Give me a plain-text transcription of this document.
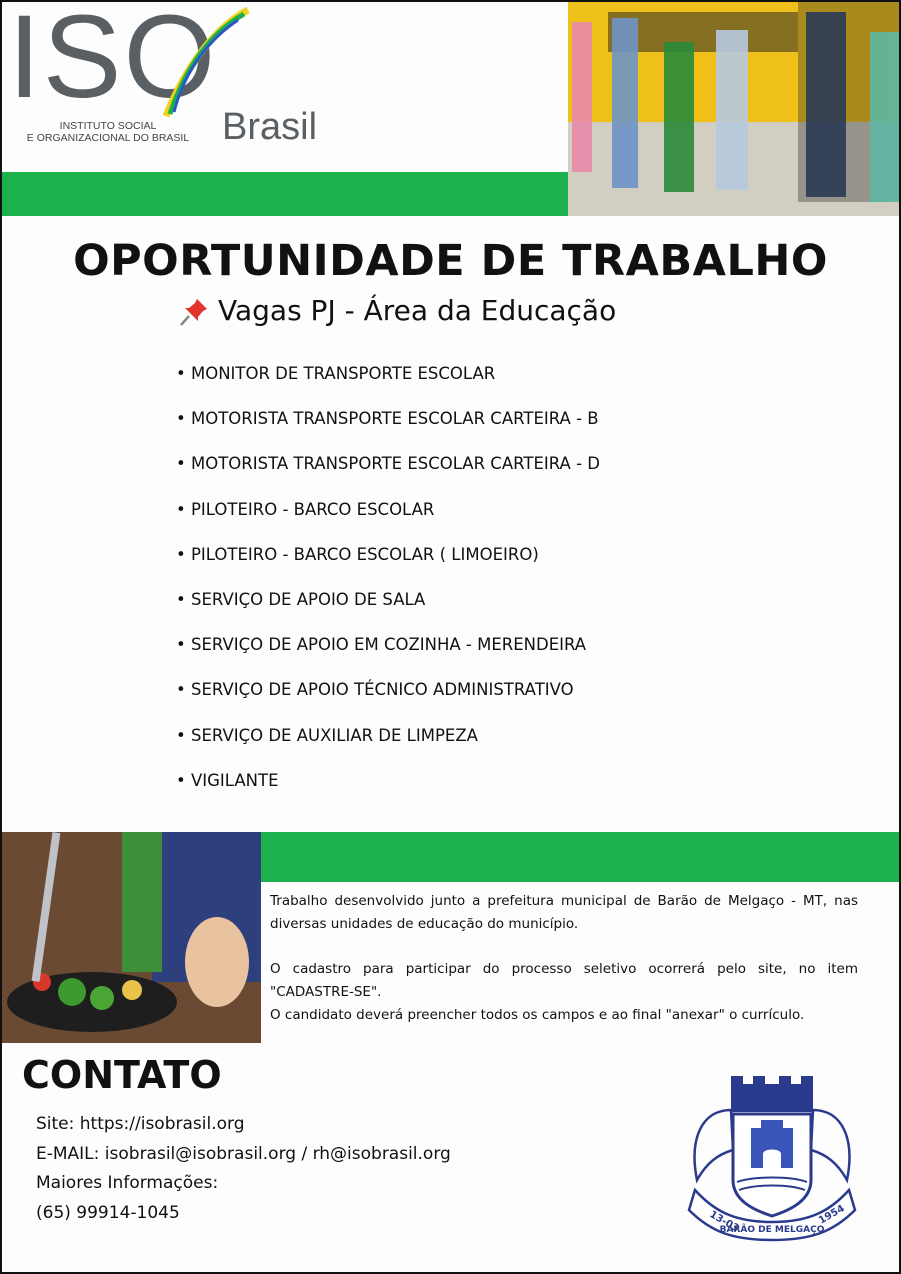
ISO
INSTITUTO SOCIAL
E ORGANIZACIONAL DO BRASIL Brasil
OPORTUNIDADE DE TRABALHO
Vagas PJ - Área da Educação
• MONITOR DE TRANSPORTE ESCOLAR
• MOTORISTA TRANSPORTE ESCOLAR CARTEIRA - B
• MOTORISTA TRANSPORTE ESCOLAR CARTEIRA - D
• PILOTEIRO - BARCO ESCOLAR
• PILOTEIRO - BARCO ESCOLAR ( LIMOEIRO)
• SERVIÇO DE APOIO DE SALA
• SERVIÇO DE APOIO EM COZINHA - MERENDEIRA
• SERVIÇO DE APOIO TÉCNICO ADMINISTRATIVO
• SERVIÇO DE AUXILIAR DE LIMPEZA
• VIGILANTE

Trabalho desenvolvido junto a prefeitura municipal de Barão de Melgaço - MT, nas diversas unidades de educação do município.

O cadastro para participar do processo seletivo ocorrerá pelo site, no item "CADASTRE-SE".

O candidato deverá preencher todos os campos e ao final "anexar" o currículo.

CONTATO
Site: https://isobrasil.org
E-MAIL: isobrasil@isobrasil.org / rh@isobrasil.org
Maiores Informações:
(65) 99914-1045	13-03
BARÃO DE MELGAÇO
1954
